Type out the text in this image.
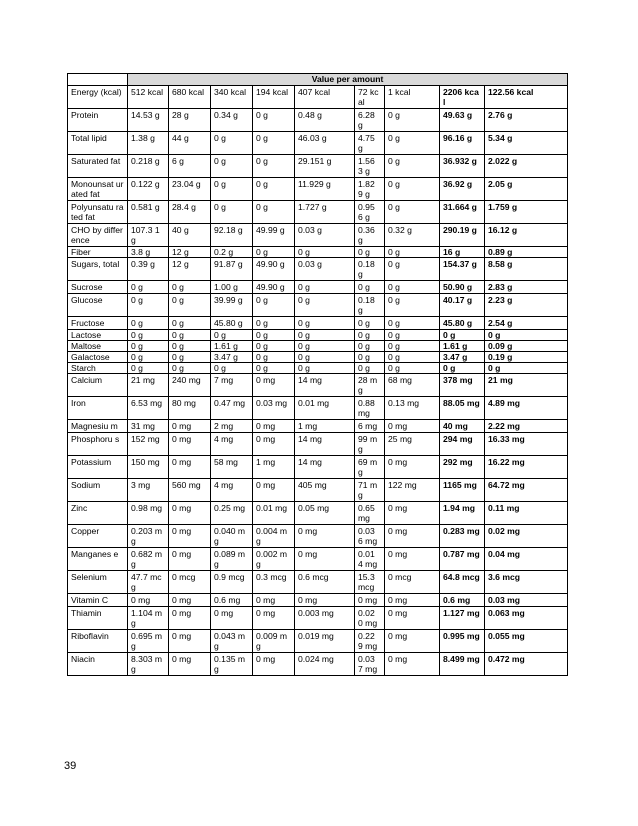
	Value per amount								
Energy (kcal)	512 kcal	680 kcal	340 kcal	194 kcal	407 kcal	72 kcal	1 kcal	2206 kcal	122.56 kcal
Protein	14.53 g	28 g	0.34 g	0 g	0.48 g	6.28 g	0 g	49.63 g	2.76 g
Total lipid	1.38 g	44 g	0 g	0 g	46.03 g	4.75 g	0 g	96.16 g	5.34 g
Saturated fat	0.218 g	6 g	0 g	0 g	29.151 g	1.56 3 g	0 g	36.932 g	2.022 g
Monounsat urated fat	0.122 g	23.04 g	0 g	0 g	11.929 g	1.82 9 g	0 g	36.92 g	2.05 g
Polyunsatu rated fat	0.581 g	28.4 g	0 g	0 g	1.727 g	0.95 6 g	0 g	31.664 g	1.759 g
CHO by difference	107.3 1 g	40 g	92.18 g	49.99 g	0.03 g	0.36 g	0.32 g	290.19 g	16.12 g
Fiber	3.8 g	12 g	0.2 g	0 g	0 g	0 g	0 g	16 g	0.89 g
Sugars, total	0.39 g	12 g	91.87 g	49.90 g	0.03 g	0.18 g	0 g	154.37 g	8.58 g
Sucrose	0 g	0 g	1.00 g	49.90 g	0 g	0 g	0 g	50.90 g	2.83 g
Glucose	0 g	0 g	39.99 g	0 g	0 g	0.18 g	0 g	40.17 g	2.23 g
Fructose	0 g	0 g	45.80 g	0 g	0 g	0 g	0 g	45.80 g	2.54 g
Lactose	0 g	0 g	0 g	0 g	0 g	0 g	0 g	0 g	0 g
Maltose	0 g	0 g	1.61 g	0 g	0 g	0 g	0 g	1.61 g	0.09 g
Galactose	0 g	0 g	3.47 g	0 g	0 g	0 g	0 g	3.47 g	0.19 g
Starch	0 g	0 g	0 g	0 g	0 g	0 g	0 g	0 g	0 g
Calcium	21 mg	240 mg	7 mg	0 mg	14 mg	28 mg	68 mg	378 mg	21 mg
Iron	6.53 mg	80 mg	0.47 mg	0.03 mg	0.01 mg	0.88 mg	0.13 mg	88.05 mg	4.89 mg
Magnesiu m	31 mg	0 mg	2 mg	0 mg	1 mg	6 mg	0 mg	40 mg	2.22 mg
Phosphoru s	152 mg	0 mg	4 mg	0 mg	14 mg	99 mg	25 mg	294 mg	16.33 mg
Potassium	150 mg	0 mg	58 mg	1 mg	14 mg	69 mg	0 mg	292 mg	16.22 mg
Sodium	3 mg	560 mg	4 mg	0 mg	405 mg	71 mg	122 mg	1165 mg	64.72 mg
Zinc	0.98 mg	0 mg	0.25 mg	0.01 mg	0.05 mg	0.65 mg	0 mg	1.94 mg	0.11 mg
Copper	0.203 mg	0 mg	0.040 mg	0.004 mg	0 mg	0.03 6 mg	0 mg	0.283 mg	0.02 mg
Manganes e	0.682 mg	0 mg	0.089 mg	0.002 mg	0 mg	0.01 4 mg	0 mg	0.787 mg	0.04 mg
Selenium	47.7 mcg	0 mcg	0.9 mcg	0.3 mcg	0.6 mcg	15.3 mcg	0 mcg	64.8 mcg	3.6 mcg
Vitamin C	0 mg	0 mg	0.6 mg	0 mg	0 mg	0 mg	0 mg	0.6 mg	0.03 mg
Thiamin	1.104 mg	0 mg	0 mg	0 mg	0.003 mg	0.02 0 mg	0 mg	1.127 mg	0.063 mg
Riboflavin	0.695 mg	0 mg	0.043 mg	0.009 mg	0.019 mg	0.22 9 mg	0 mg	0.995 mg	0.055 mg
Niacin	8.303 mg	0 mg	0.135 mg	0 mg	0.024 mg	0.03 7 mg	0 mg	8.499 mg	0.472 mg
39
